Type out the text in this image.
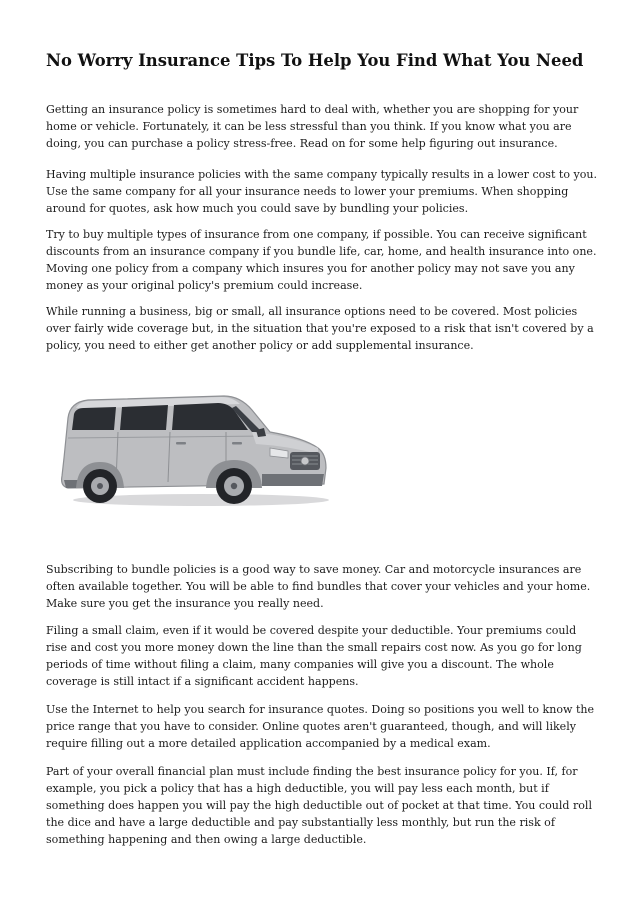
No Worry Insurance Tips To Help You Find What You Need

Getting an insurance policy is sometimes hard to deal with, whether you are shopping for your home or vehicle. Fortunately, it can be less stressful than you think. If you know what you are doing, you can purchase a policy stress-free. Read on for some help figuring out insurance.

Having multiple insurance policies with the same company typically results in a lower cost to you. Use the same company for all your insurance needs to lower your premiums. When shopping around for quotes, ask how much you could save by bundling your policies.

Try to buy multiple types of insurance from one company, if possible. You can receive significant discounts from an insurance company if you bundle life, car, home, and health insurance into one. Moving one policy from a company which insures you for another policy may not save you any money as your original policy's premium could increase.

While running a business, big or small, all insurance options need to be covered. Most policies over fairly wide coverage but, in the situation that you're exposed to a risk that isn't covered by a policy, you need to either get another policy or add supplemental insurance.

Subscribing to bundle policies is a good way to save money. Car and motorcycle insurances are often available together. You will be able to find bundles that cover your vehicles and your home. Make sure you get the insurance you really need.

Filing a small claim, even if it would be covered despite your deductible. Your premiums could rise and cost you more money down the line than the small repairs cost now. As you go for long periods of time without filing a claim, many companies will give you a discount. The whole coverage is still intact if a significant accident happens.

Use the Internet to help you search for insurance quotes. Doing so positions you well to know the price range that you have to consider. Online quotes aren't guaranteed, though, and will likely require filling out a more detailed application accompanied by a medical exam.

Part of your overall financial plan must include finding the best insurance policy for you. If, for example, you pick a policy that has a high deductible, you will pay less each month, but if something does happen you will pay the high deductible out of pocket at that time. You could roll the dice and have a large deductible and pay substantially less monthly, but run the risk of something happening and then owing a large deductible.
